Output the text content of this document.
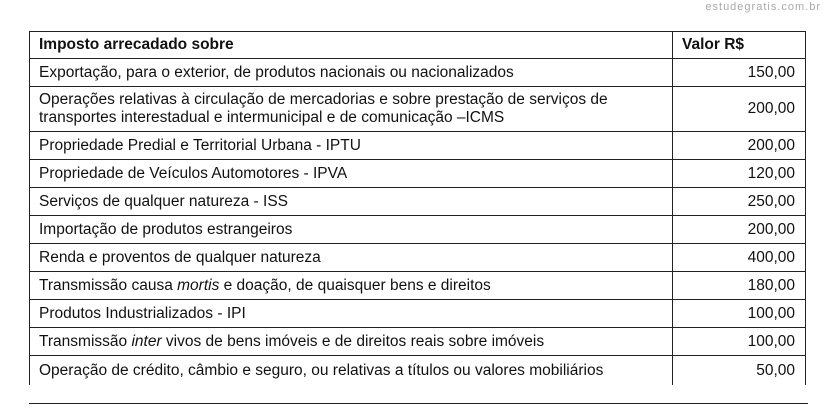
estudegratis.com.br
Imposto arrecadado sobre	Valor R$
Exportação, para o exterior, de produtos nacionais ou nacionalizados	150,00
Operações relativas à circulação de mercadorias e sobre prestação de serviços de transportes interestadual e intermunicipal e de comunicação –ICMS	200,00
Propriedade Predial e Territorial Urbana - IPTU	200,00
Propriedade de Veículos Automotores - IPVA	120,00
Serviços de qualquer natureza - ISS	250,00
Importação de produtos estrangeiros	200,00
Renda e proventos de qualquer natureza	400,00
Transmissão causa mortis e doação, de quaisquer bens e direitos	180,00
Produtos Industrializados - IPI	100,00
Transmissão inter vivos de bens imóveis e de direitos reais sobre imóveis	100,00
Operação de crédito, câmbio e seguro, ou relativas a títulos ou valores mobiliários	50,00
